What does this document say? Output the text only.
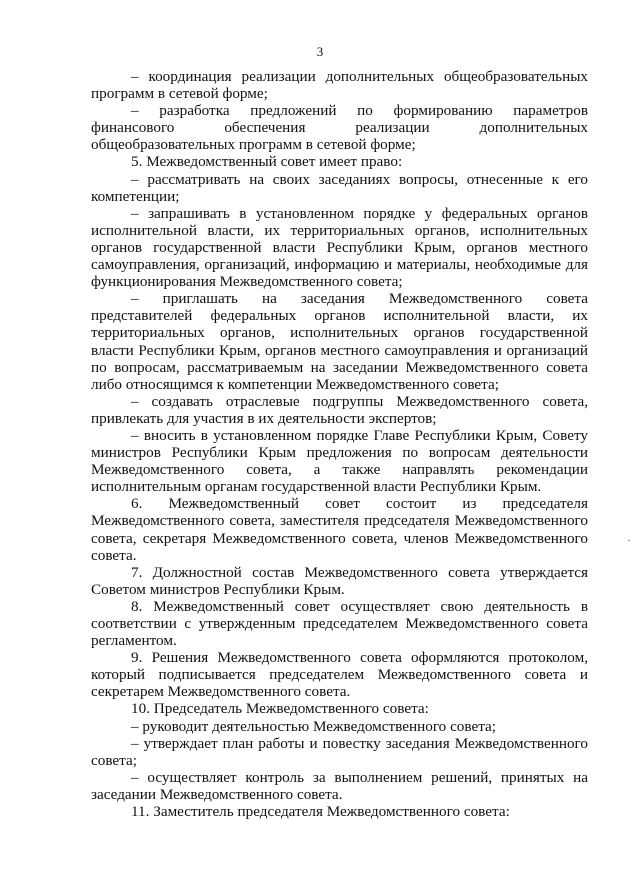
3

– координация реализации дополнительных общеобразовательных программ в сетевой форме;

– разработка предложений по формированию параметров финансового обеспечения реализации дополнительных общеобразовательных программ в сетевой форме;

5. Межведомственный совет имеет право:

– рассматривать на своих заседаниях вопросы, отнесенные к его компетенции;

– запрашивать в установленном порядке у федеральных органов исполнительной власти, их территориальных органов, исполнительных органов государственной власти Республики Крым, органов местного самоуправления, организаций, информацию и материалы, необходимые для функционирования Межведомственного совета;

– приглашать на заседания Межведомственного совета представителей федеральных органов исполнительной власти, их территориальных органов, исполнительных органов государственной власти Республики Крым, органов местного самоуправления и организаций по вопросам, рассматриваемым на заседании Межведомственного совета либо относящимся к компетенции Межведомственного совета;

– создавать отраслевые подгруппы Межведомственного совета, привлекать для участия в их деятельности экспертов;

– вносить в установленном порядке Главе Республики Крым, Совету министров Республики Крым предложения по вопросам деятельности Межведомственного совета, а также направлять рекомендации исполнительным органам государственной власти Республики Крым.

6. Межведомственный совет состоит из председателя Межведомственного совета, заместителя председателя Межведомственного совета, секретаря Межведомственного совета, членов Межведомственного совета.

7. Должностной состав Межведомственного совета утверждается Советом министров Республики Крым.

8. Межведомственный совет осуществляет свою деятельность в соответствии с утвержденным председателем Межведомственного совета регламентом.

9. Решения Межведомственного совета оформляются протоколом, который подписывается председателем Межведомственного совета и секретарем Межведомственного совета.

10. Председатель Межведомственного совета:

– руководит деятельностью Межведомственного совета;

– утверждает план работы и повестку заседания Межведомственного совета;

– осуществляет контроль за выполнением решений, принятых на заседании Межведомственного совета.

11. Заместитель председателя Межведомственного совета:
